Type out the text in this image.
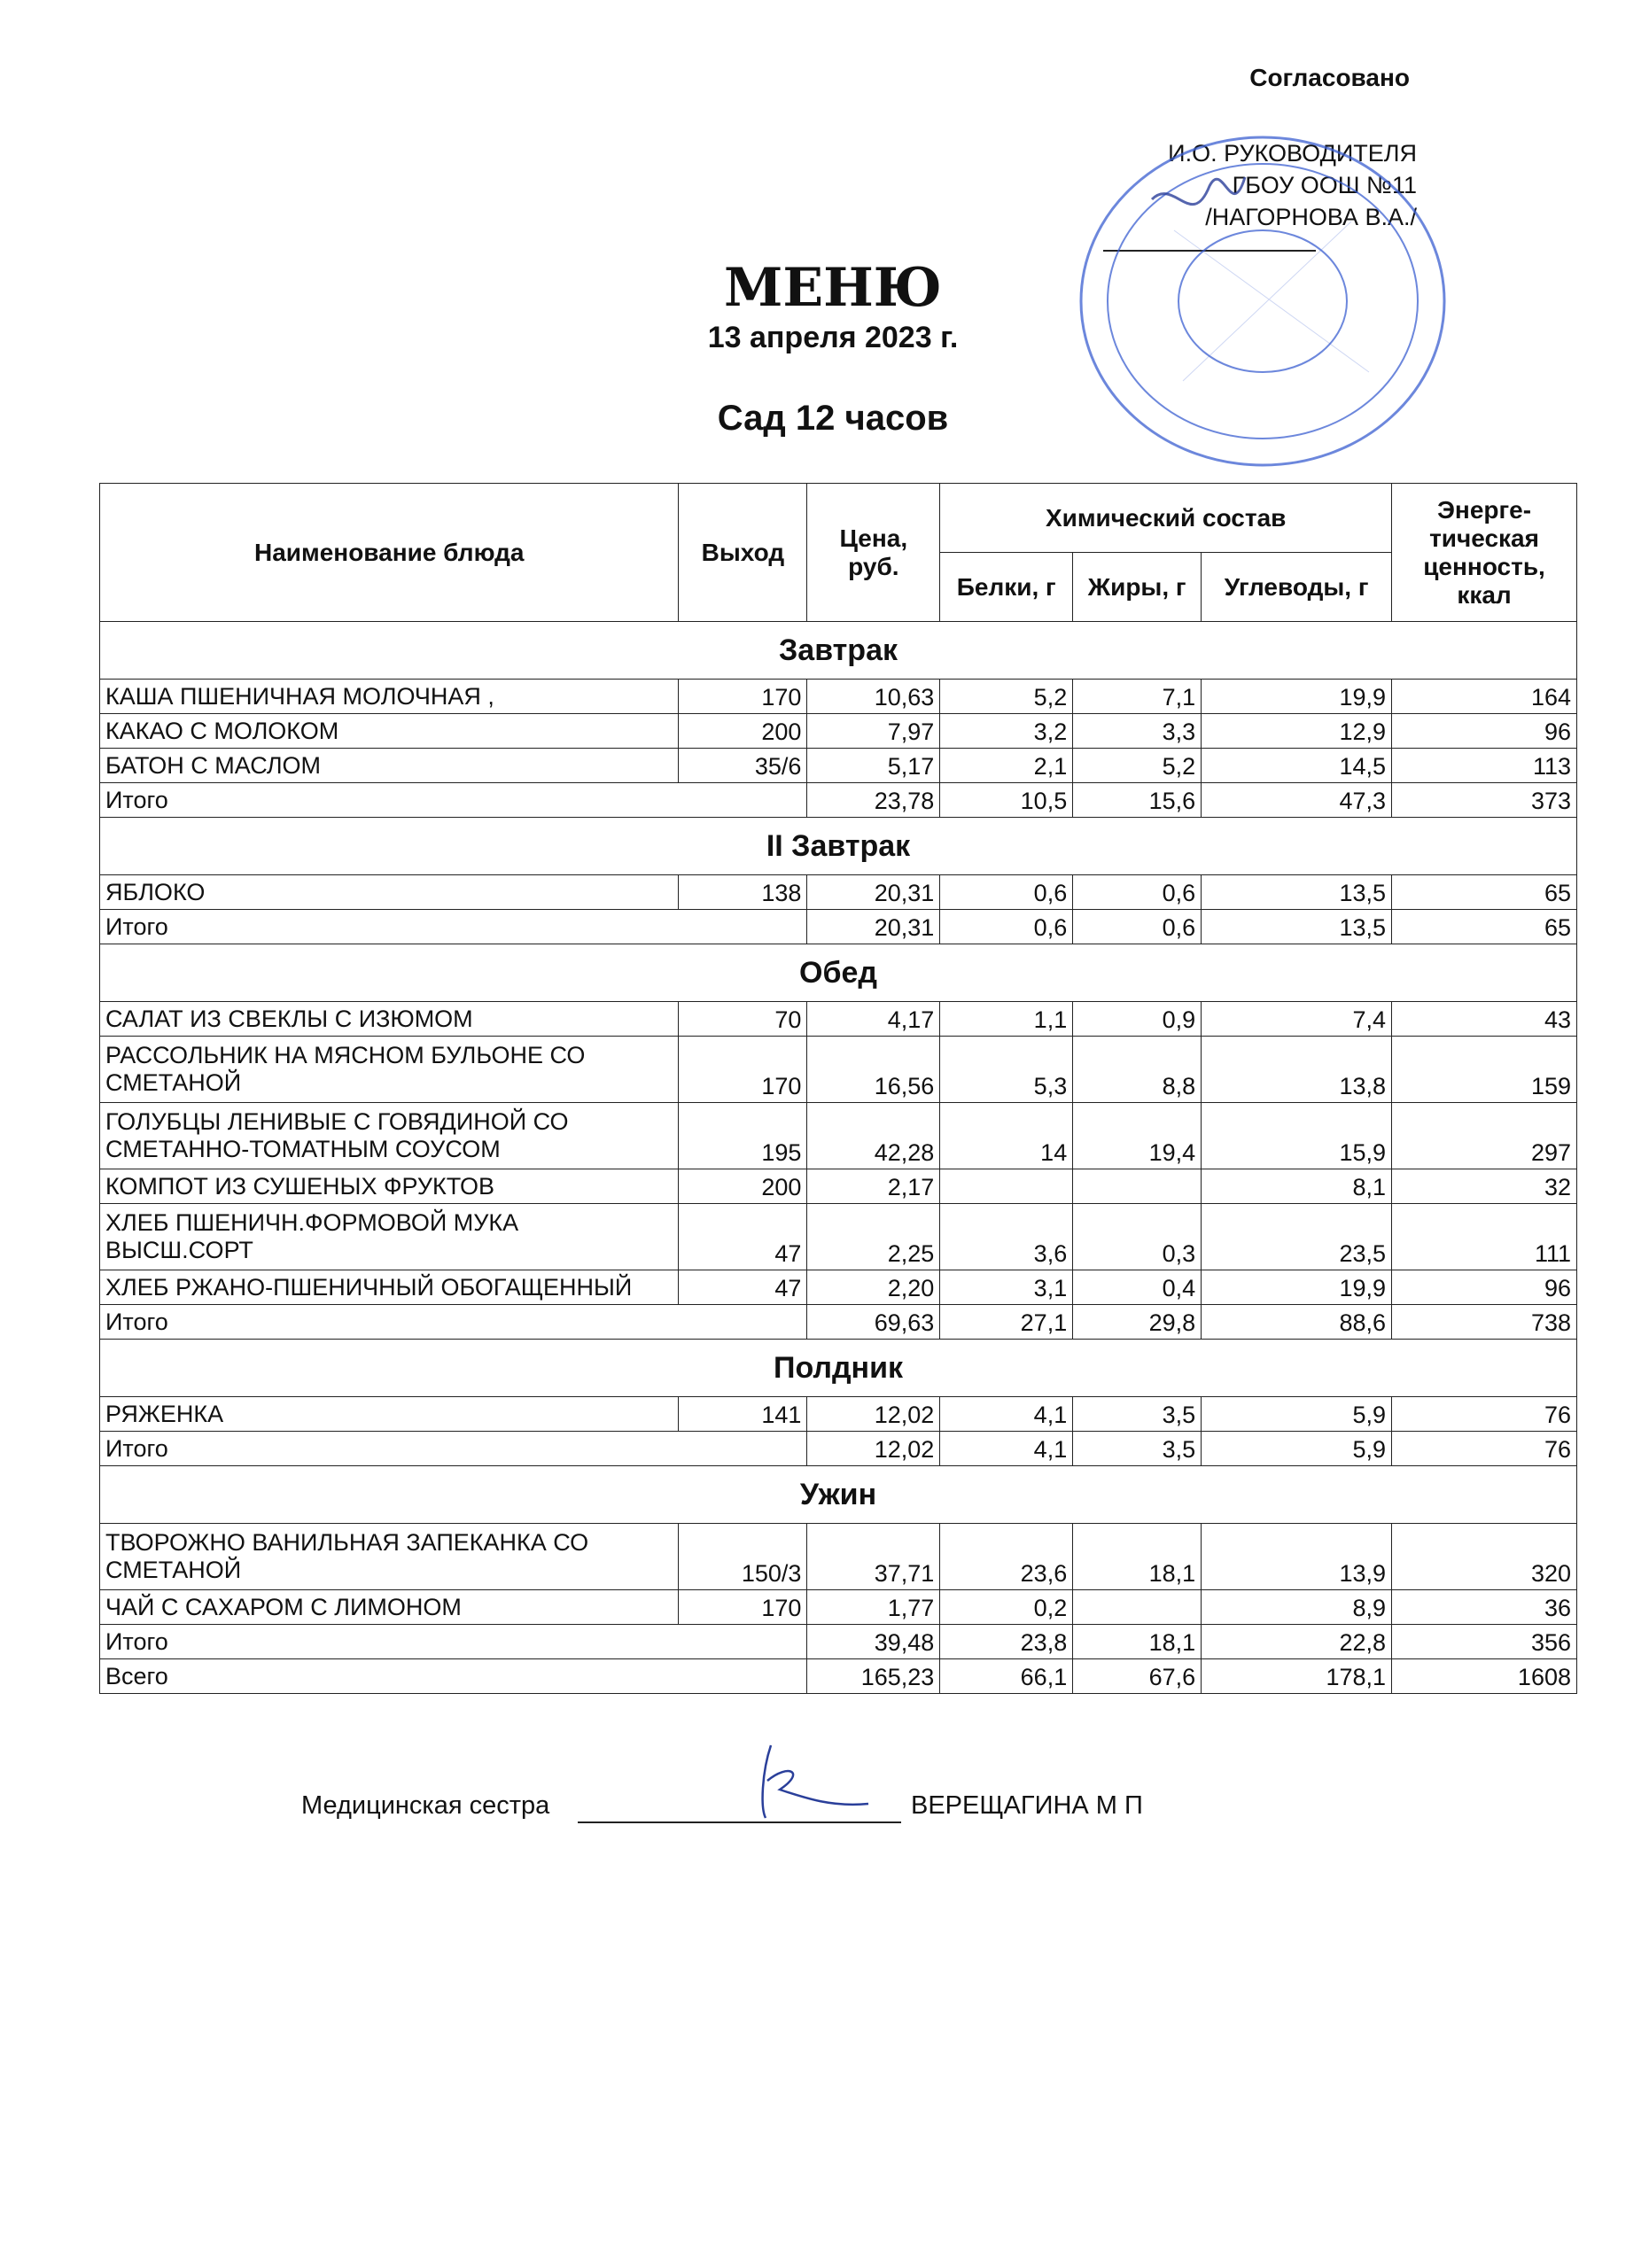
Согласовано
И.О. РУКОВОДИТЕЛЯ
ГБОУ ООШ №11
/НАГОРНОВА В.А./
МЕНЮ
13 апреля 2023 г.
Сад 12 часов
Наименование блюда	Выход	Цена, руб.	Химический состав			Энерге- тическая ценность, ккал
			Белки, г	Жиры, г	Углеводы, г	
Завтрак						
КАША ПШЕНИЧНАЯ МОЛОЧНАЯ ,	170	10,63	5,2	7,1	19,9	164
КАКАО С МОЛОКОМ	200	7,97	3,2	3,3	12,9	96
БАТОН С МАСЛОМ	35/6	5,17	2,1	5,2	14,5	113
Итого		23,78	10,5	15,6	47,3	373
II Завтрак						
ЯБЛОКО	138	20,31	0,6	0,6	13,5	65
Итого		20,31	0,6	0,6	13,5	65
Обед						
САЛАТ ИЗ СВЕКЛЫ С ИЗЮМОМ	70	4,17	1,1	0,9	7,4	43
РАССОЛЬНИК НА МЯСНОМ БУЛЬОНЕ СО СМЕТАНОЙ	170	16,56	5,3	8,8	13,8	159
ГОЛУБЦЫ ЛЕНИВЫЕ С ГОВЯДИНОЙ СО СМЕТАННО-ТОМАТНЫМ СОУСОМ	195	42,28	14	19,4	15,9	297
КОМПОТ ИЗ СУШЕНЫХ ФРУКТОВ	200	2,17			8,1	32
ХЛЕБ ПШЕНИЧН.ФОРМОВОЙ МУКА ВЫСШ.СОРТ	47	2,25	3,6	0,3	23,5	111
ХЛЕБ РЖАНО-ПШЕНИЧНЫЙ ОБОГАЩЕННЫЙ	47	2,20	3,1	0,4	19,9	96
Итого		69,63	27,1	29,8	88,6	738
Полдник						
РЯЖЕНКА	141	12,02	4,1	3,5	5,9	76
Итого		12,02	4,1	3,5	5,9	76
Ужин						
ТВОРОЖНО ВАНИЛЬНАЯ ЗАПЕКАНКА СО СМЕТАНОЙ	150/3	37,71	23,6	18,1	13,9	320
ЧАЙ С САХАРОМ С ЛИМОНОМ	170	1,77	0,2		8,9	36
Итого		39,48	23,8	18,1	22,8	356
Всего		165,23	66,1	67,6	178,1	1608
Медицинская сестра	ВЕРЕЩАГИНА М П
